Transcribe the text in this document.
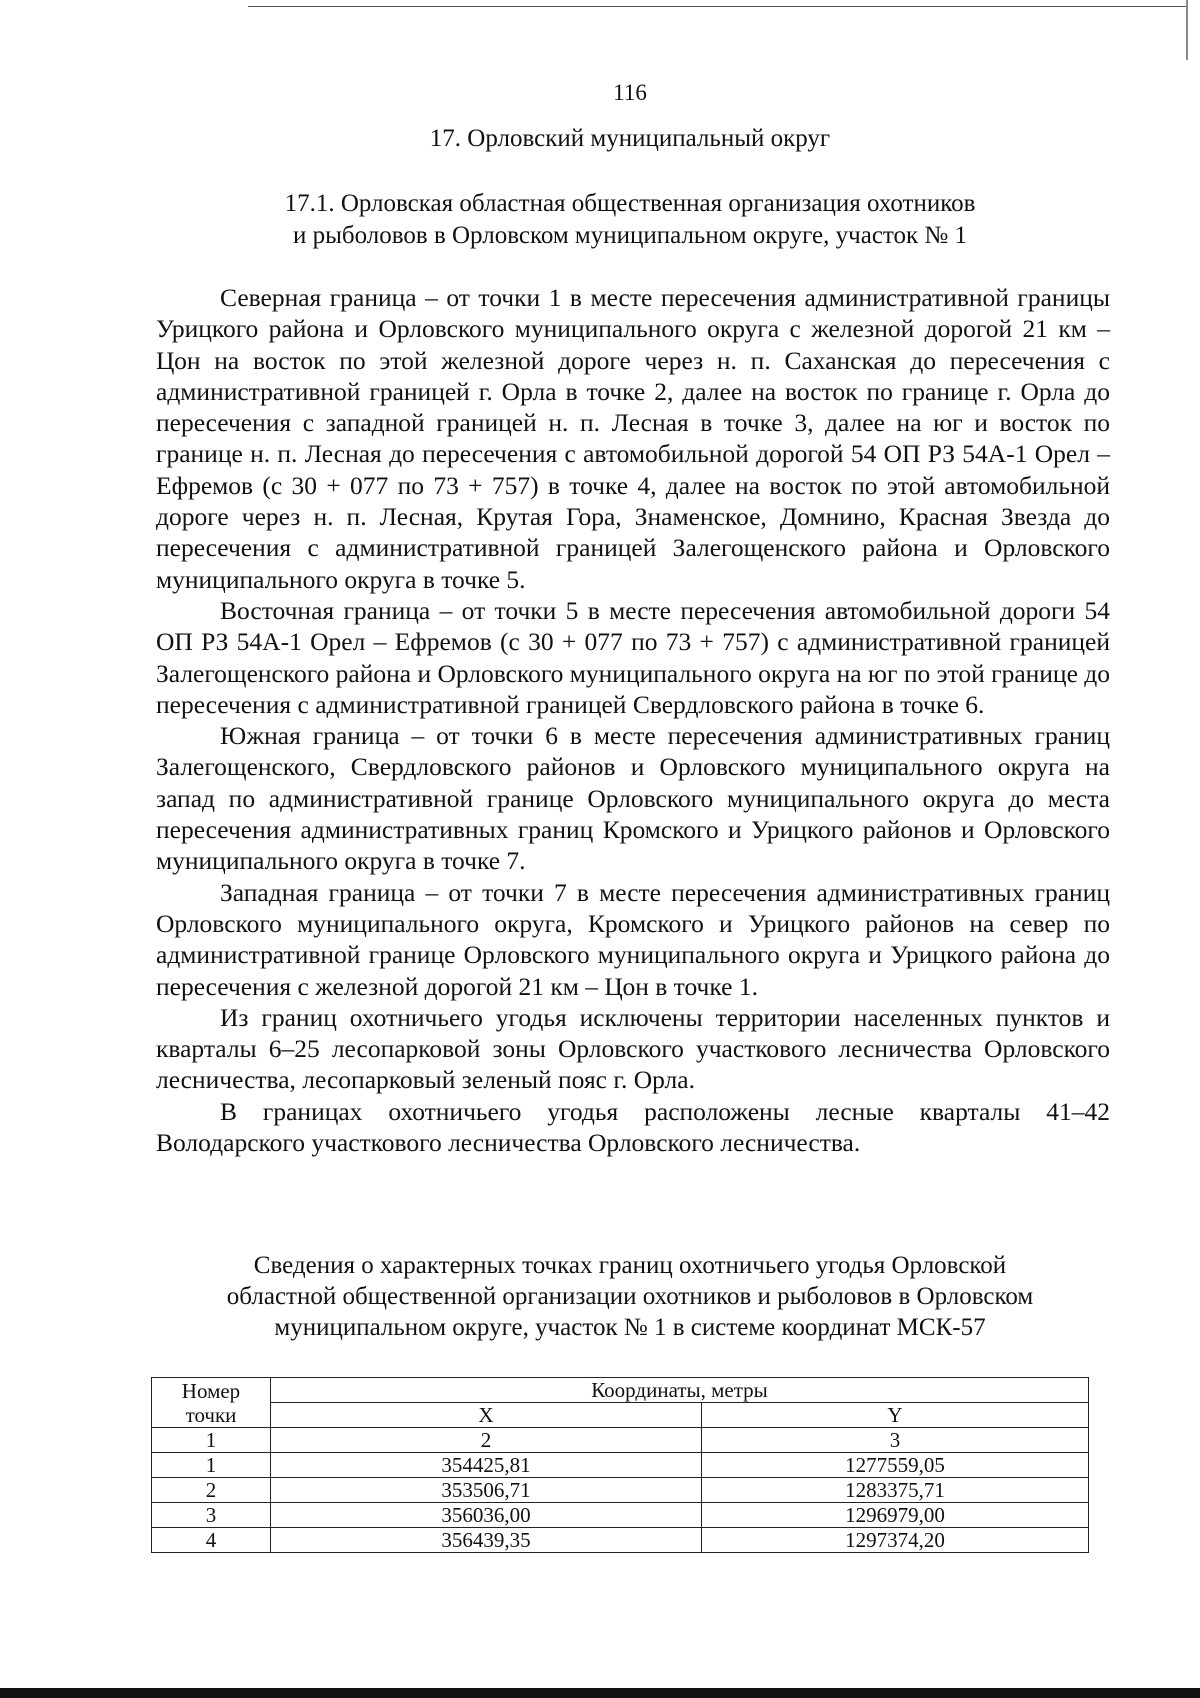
116
17. Орловский муниципальный округ
17.1. Орловская областная общественная организация охотников
и рыболовов в Орловском муниципальном округе, участок № 1

Северная граница – от точки 1 в месте пересечения административной границы Урицкого района и Орловского муниципального округа с железной дорогой 21 км – Цон на восток по этой железной дороге через н. п. Саханская до пересечения с административной границей г. Орла в точке 2, далее на восток по границе г. Орла до пересечения с западной границей н. п. Лесная в точке 3, далее на юг и восток по границе н. п. Лесная до пересечения с автомобильной дорогой 54 ОП РЗ 54А-1 Орел – Ефремов (с 30 + 077 по 73 + 757) в точке 4, далее на восток по этой автомобильной дороге через н. п. Лесная, Крутая Гора, Знаменское, Домнино, Красная Звезда до пересечения с административной границей Залегощенского района и Орловского муниципального округа в точке 5.

Восточная граница – от точки 5 в месте пересечения автомобильной дороги 54 ОП РЗ 54А-1 Орел – Ефремов (с 30 + 077 по 73 + 757) с административной границей Залегощенского района и Орловского муниципального округа на юг по этой границе до пересечения с административной границей Свердловского района в точке 6.

Южная граница – от точки 6 в месте пересечения административных границ Залегощенского, Свердловского районов и Орловского муниципального округа на запад по административной границе Орловского муниципального округа до места пересечения административных границ Кромского и Урицкого районов и Орловского муниципального округа в точке 7.

Западная граница – от точки 7 в месте пересечения административных границ Орловского муниципального округа, Кромского и Урицкого районов на север по административной границе Орловского муниципального округа и Урицкого района до пересечения с железной дорогой 21 км – Цон в точке 1.

Из границ охотничьего угодья исключены территории населенных пунктов и кварталы 6–25 лесопарковой зоны Орловского участкового лесничества Орловского лесничества, лесопарковый зеленый пояс г. Орла.

В границах охотничьего угодья расположены лесные кварталы 41–42 Володарского участкового лесничества Орловского лесничества.

Сведения о характерных точках границ охотничьего угодья Орловской
областной общественной организации охотников и рыболовов в Орловском
муниципальном округе, участок № 1 в системе координат МСК-57
Номер
точки	Координаты, метры	
	X	Y
1	2	3
1	354425,81	1277559,05
2	353506,71	1283375,71
3	356036,00	1296979,00
4	356439,35	1297374,20
